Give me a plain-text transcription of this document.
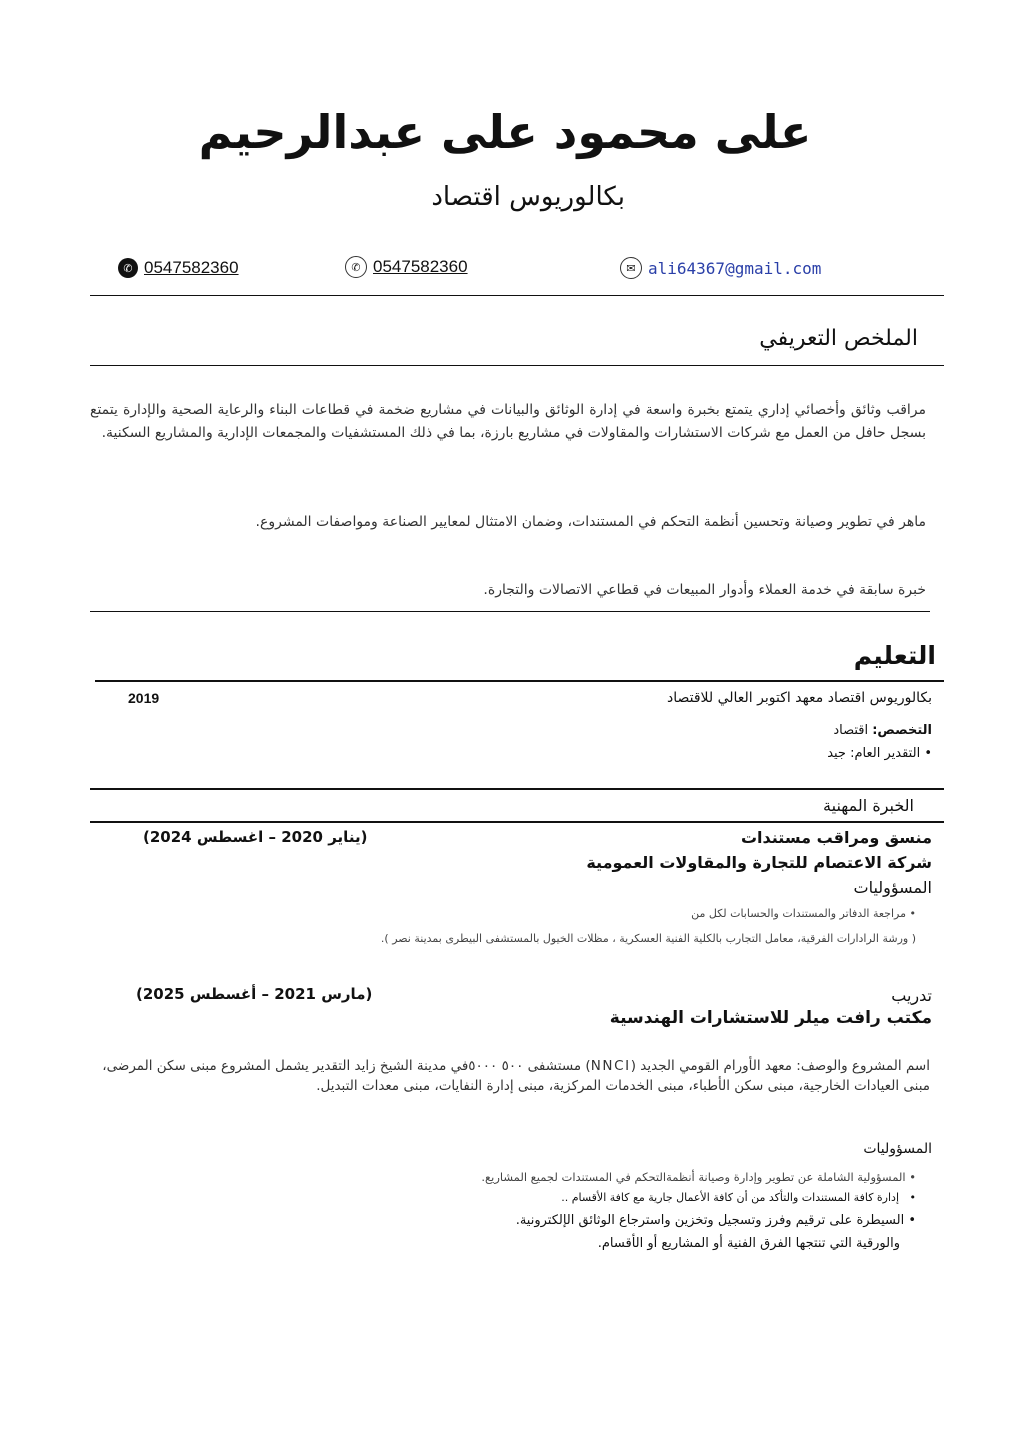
على محمود على عبدالرحيم
بكالوريوس اقتصاد
✆ 0547582360	✆ 0547582360	✉ ali64367@gmail.com
الملخص التعريفي
مراقب وثائق وأخصائي إداري يتمتع بخبرة واسعة في إدارة الوثائق والبيانات في مشاريع ضخمة في قطاعات البناء والرعاية الصحية والإدارة يتمتع بسجل حافل من العمل مع شركات الاستشارات والمقاولات في مشاريع بارزة، بما في ذلك المستشفيات والمجمعات الإدارية والمشاريع السكنية.
ماهر في تطوير وصيانة وتحسين أنظمة التحكم في المستندات، وضمان الامتثال لمعايير الصناعة ومواصفات المشروع.
خبرة سابقة في خدمة العملاء وأدوار المبيعات في قطاعي الاتصالات والتجارة.
التعليم
بكالوريوس اقتصاد معهد اكتوبر العالي للاقتصاد
2019
التخصص: اقتصاد
• التقدير العام: جيد
الخبرة المهنية
منسق ومراقب مستندات
(يناير 2020 – اغسطس 2024)
شركة الاعتصام للتجارة والمقاولات العمومية
المسؤوليات
• مراجعة الدفاتر والمستندات والحسابات لكل من
( ورشة الرادارات الفرقية، معامل التجارب بالكلية الفنية العسكرية ، مظلات الخيول بالمستشفى البيطرى بمدينة نصر ).
تدريب
(مارس 2021 – أغسطس 2025)
مكتب رافت ميلر للاستشارات الهندسية
اسم المشروع والوصف: معهد الأورام القومي الجديد (NNCI) مستشفى ٥٠٠ ٥٠٠٠في مدينة الشيخ زايد التقدير يشمل المشروع مبنى سكن المرضى، مبنى العيادات الخارجية، مبنى سكن الأطباء، مبنى الخدمات المركزية، مبنى إدارة النفايات، مبنى معدات التبديل.
المسؤوليات
• المسؤولية الشاملة عن تطوير وإدارة وصيانة أنظمةالتحكم في المستندات لجميع المشاريع.
•   إدارة كافة المستندات والتأكد من أن كافة الأعمال جارية مع كافة الأقسام ..
• السيطرة على ترقيم وفرز وتسجيل وتخزين واسترجاع الوثائق الإلكترونية.
والورقية التي تنتجها الفرق الفنية أو المشاريع أو الأقسام.
